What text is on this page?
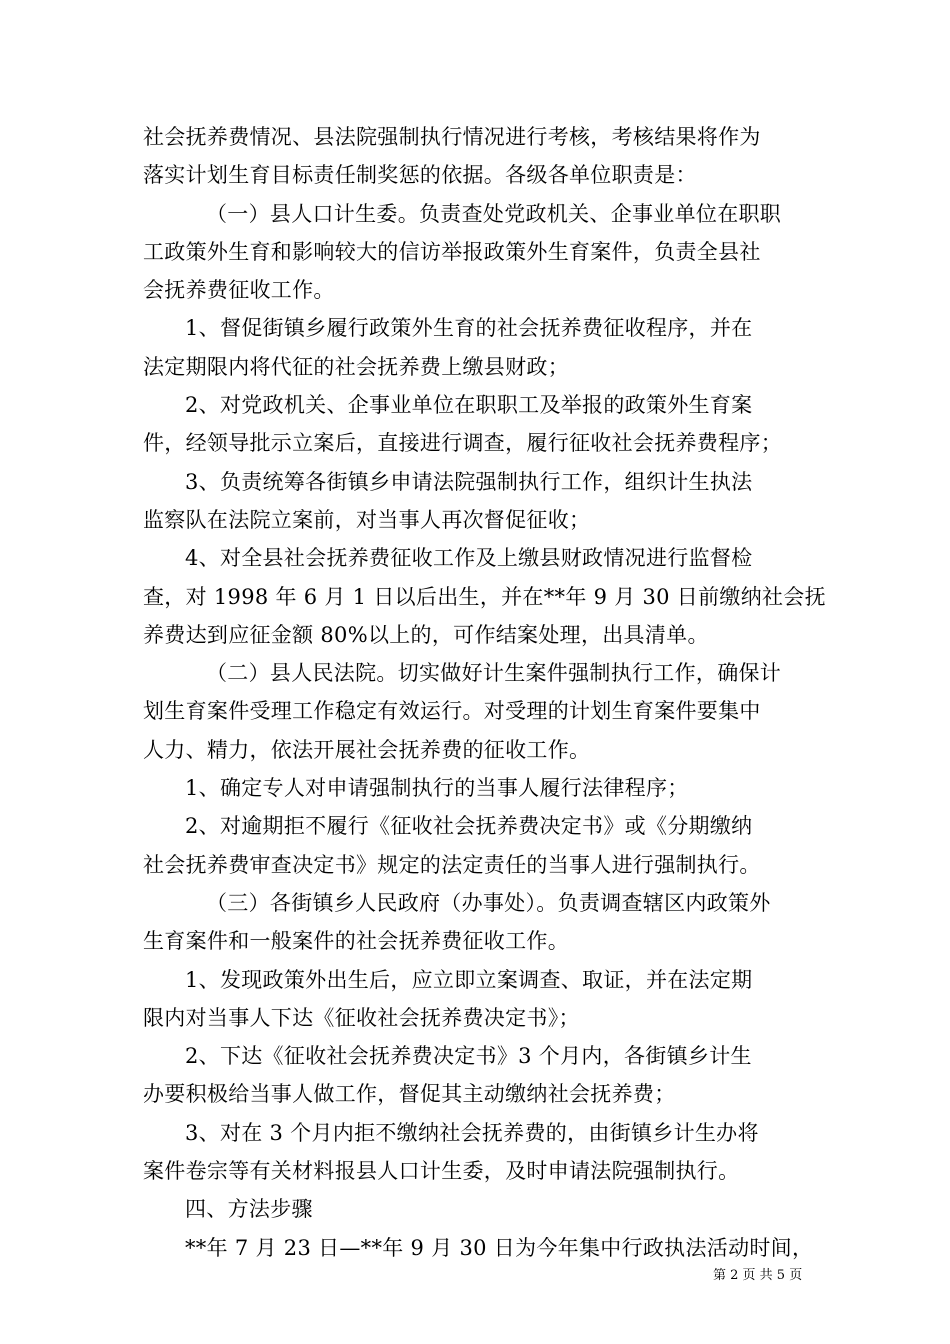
社会抚养费情况、县法院强制执行情况进行考核，考核结果将作为
落实计划生育目标责任制奖惩的依据。各级各单位职责是：
（一）县人口计生委。负责查处党政机关、企事业单位在职职
工政策外生育和影响较大的信访举报政策外生育案件，负责全县社
会抚养费征收工作。
1、督促街镇乡履行政策外生育的社会抚养费征收程序，并在
法定期限内将代征的社会抚养费上缴县财政；
2、对党政机关、企事业单位在职职工及举报的政策外生育案
件，经领导批示立案后，直接进行调查，履行征收社会抚养费程序；
3、负责统筹各街镇乡申请法院强制执行工作，组织计生执法
监察队在法院立案前，对当事人再次督促征收；
4、对全县社会抚养费征收工作及上缴县财政情况进行监督检
查，对 1998 年 6 月 1 日以后出生，并在**年 9 月 30 日前缴纳社会抚
养费达到应征金额 80%以上的，可作结案处理，出具清单。
（二）县人民法院。切实做好计生案件强制执行工作，确保计
划生育案件受理工作稳定有效运行。对受理的计划生育案件要集中
人力、精力，依法开展社会抚养费的征收工作。
1、确定专人对申请强制执行的当事人履行法律程序；
2、对逾期拒不履行《征收社会抚养费决定书》或《分期缴纳
社会抚养费审查决定书》规定的法定责任的当事人进行强制执行。
（三）各街镇乡人民政府（办事处）。负责调查辖区内政策外
生育案件和一般案件的社会抚养费征收工作。
1、发现政策外出生后，应立即立案调查、取证，并在法定期
限内对当事人下达《征收社会抚养费决定书》；
2、下达《征收社会抚养费决定书》3 个月内，各街镇乡计生
办要积极给当事人做工作，督促其主动缴纳社会抚养费；
3、对在 3 个月内拒不缴纳社会抚养费的，由街镇乡计生办将
案件卷宗等有关材料报县人口计生委，及时申请法院强制执行。
四、方法步骤
**年 7 月 23 日—**年 9 月 30 日为今年集中行政执法活动时间，
第 2 页 共 5 页
